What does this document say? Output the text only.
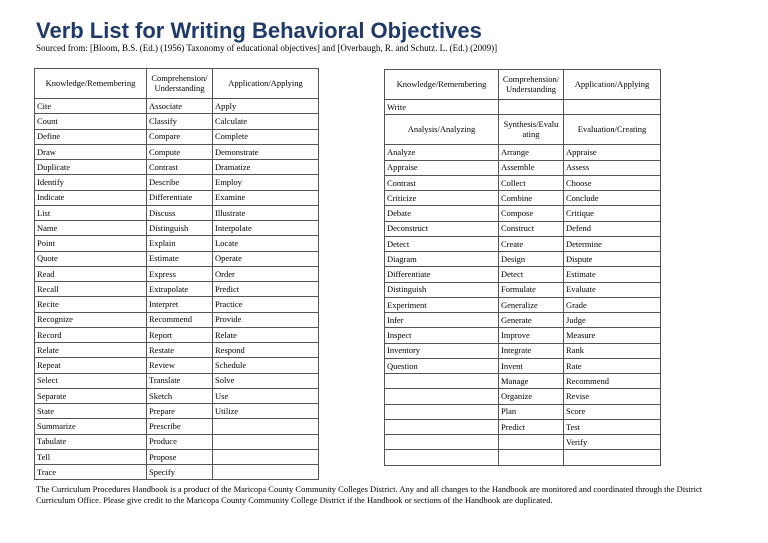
Verb List for Writing Behavioral Objectives
Sourced from: [Bloom, B.S. (Ed.) (1956) Taxonomy of educational objectives] and [Overbaugh, R. and Schutz. L. (Ed.) (2009)]
Knowledge/Remembering	Comprehension/ Understanding	Application/Applying
Cite	Associate	Apply
Count	Classify	Calculate
Define	Compare	Complete
Draw	Compute	Demonstrate
Duplicate	Contrast	Dramatize
Identify	Describe	Employ
Indicate	Differentiate	Examine
List	Discuss	Illustrate
Name	Distinguish	Interpolate
Point	Explain	Locate
Quote	Estimate	Operate
Read	Express	Order
Recall	Extrapolate	Predict
Recite	Interpret	Practice
Recognize	Recommend	Provide
Record	Report	Relate
Relate	Restate	Respond
Repeat	Review	Schedule
Select	Translate	Solve
Separate	Sketch	Use
State	Prepare	Utilize
Summarize	Prescribe	
Tabulate	Produce	
Tell	Propose	
Trace	Specify	
Knowledge/Remembering	Comprehension/ Understanding	Application/Applying
Write		
Analysis/Analyzing	Synthesis/Evalu ating	Evaluation/Creating
Analyze	Arrange	Appraise
Appraise	Assemble	Assess
Contrast	Collect	Choose
Criticize	Combine	Conclude
Debate	Compose	Critique
Deconstruct	Construct	Defend
Detect	Create	Determine
Diagram	Design	Dispute
Differentiate	Detect	Estimate
Distinguish	Formulate	Evaluate
Experiment	Generalize	Grade
Infer	Generate	Judge
Inspect	Improve	Measure
Inventory	Integrate	Rank
Question	Invent	Rate
	Manage	Recommend
	Organize	Revise
	Plan	Score
	Predict	Test
		Verify

The Curriculum Procedures Handbook is a product of the Maricopa County Community Colleges District. Any and all changes to the Handbook are monitored and coordinated through the District Curriculum Office. Please give credit to the Maricopa County Community College District if the Handbook or sections of the Handbook are duplicated.
